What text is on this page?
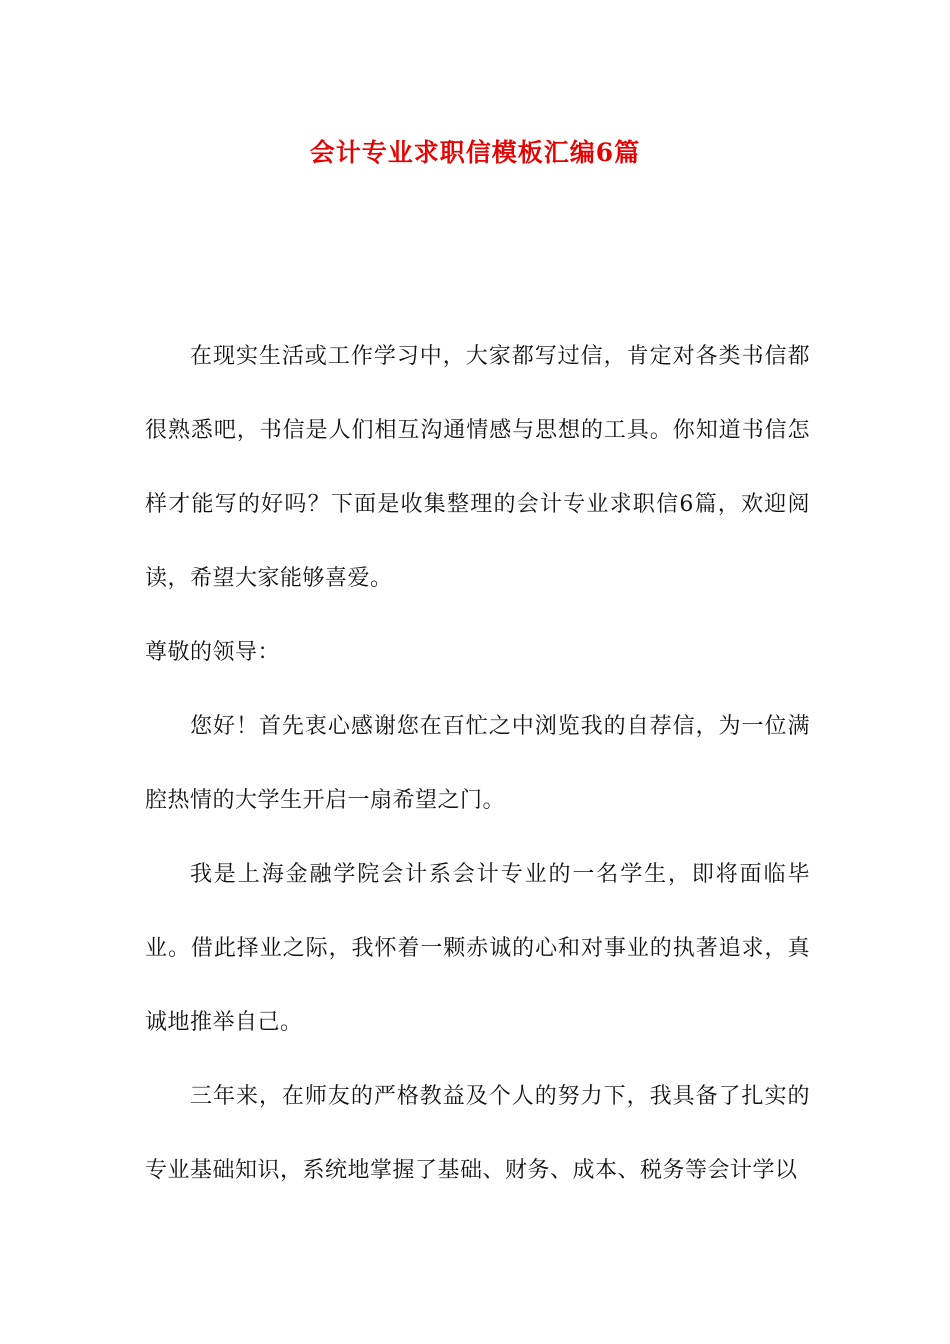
会计专业求职信模板汇编6篇

在现实生活或工作学习中，大家都写过信，肯定对各类书信都很熟悉吧，书信是人们相互沟通情感与思想的工具。你知道书信怎样才能写的好吗？下面是收集整理的会计专业求职信6篇，欢迎阅读，希望大家能够喜爱。

尊敬的领导：

您好！首先衷心感谢您在百忙之中浏览我的自荐信，为一位满腔热情的大学生开启一扇希望之门。

我是上海金融学院会计系会计专业的一名学生，即将面临毕业。借此择业之际，我怀着一颗赤诚的心和对事业的执著追求，真诚地推举自己。

三年来，在师友的严格教益及个人的努力下，我具备了扎实的专业基础知识，系统地掌握了基础、财务、成本、税务等会计学以
